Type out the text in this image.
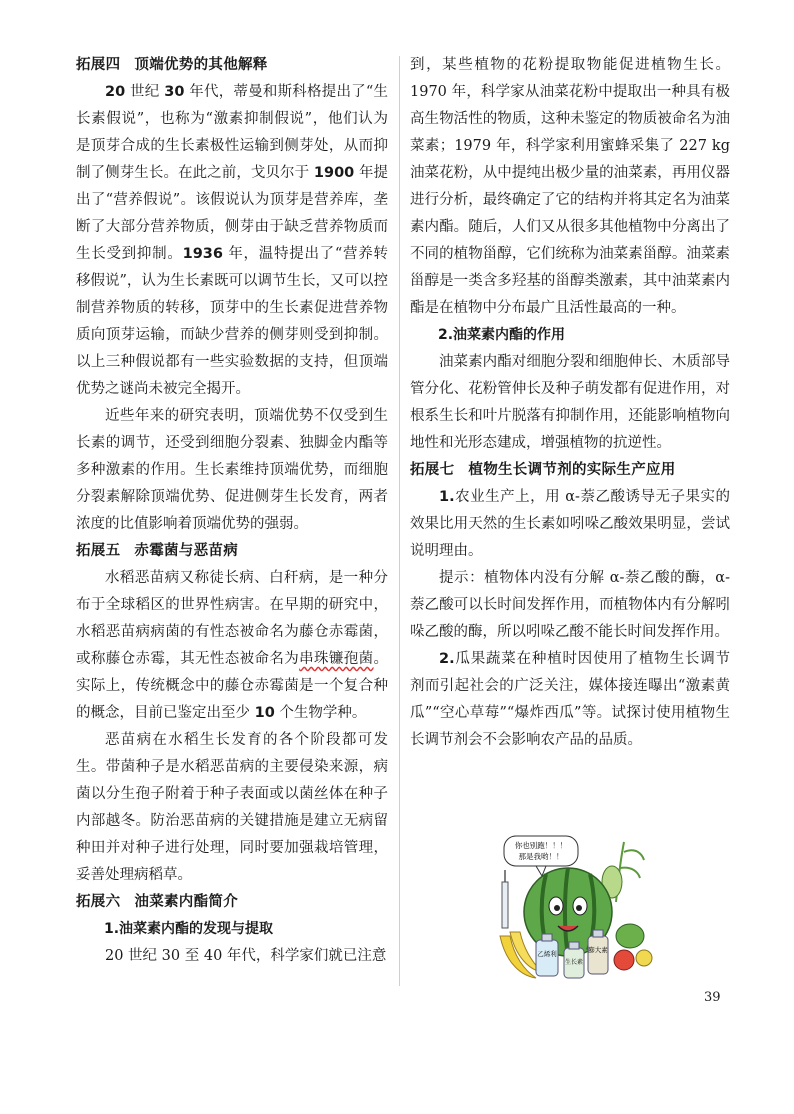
拓展四 顶端优势的其他解释

20 世纪 30 年代，蒂曼和斯科格提出了“生长素假说”，也称为“激素抑制假说”，他们认为是顶芽合成的生长素极性运输到侧芽处，从而抑制了侧芽生长。在此之前，戈贝尔于 1900 年提出了“营养假说”。该假说认为顶芽是营养库，垄断了大部分营养物质，侧芽由于缺乏营养物质而生长受到抑制。1936 年，温特提出了“营养转移假说”，认为生长素既可以调节生长，又可以控制营养物质的转移，顶芽中的生长素促进营养物质向顶芽运输，而缺少营养的侧芽则受到抑制。以上三种假说都有一些实验数据的支持，但顶端优势之谜尚未被完全揭开。

近些年来的研究表明，顶端优势不仅受到生长素的调节，还受到细胞分裂素、独脚金内酯等多种激素的作用。生长素维持顶端优势，而细胞分裂素解除顶端优势、促进侧芽生长发育，两者浓度的比值影响着顶端优势的强弱。

拓展五 赤霉菌与恶苗病

水稻恶苗病又称徒长病、白秆病，是一种分布于全球稻区的世界性病害。在早期的研究中，水稻恶苗病病菌的有性态被命名为藤仓赤霉菌，或称藤仓赤霉，其无性态被命名为串珠镰孢菌。实际上，传统概念中的藤仓赤霉菌是一个复合种的概念，目前已鉴定出至少 10 个生物学种。

恶苗病在水稻生长发育的各个阶段都可发生。带菌种子是水稻恶苗病的主要侵染来源，病菌以分生孢子附着于种子表面或以菌丝体在种子内部越冬。防治恶苗病的关键措施是建立无病留种田并对种子进行处理，同时要加强栽培管理，妥善处理病稻草。

拓展六 油菜素内酯简介
1.油菜素内酯的发现与提取

20 世纪 30 至 40 年代，科学家们就已注意

到，某些植物的花粉提取物能促进植物生长。1970 年，科学家从油菜花粉中提取出一种具有极高生物活性的物质，这种未鉴定的物质被命名为油菜素；1979 年，科学家利用蜜蜂采集了 227 kg 油菜花粉，从中提纯出极少量的油菜素，再用仪器进行分析，最终确定了它的结构并将其定名为油菜素内酯。随后，人们又从很多其他植物中分离出了不同的植物甾醇，它们统称为油菜素甾醇。油菜素甾醇是一类含多羟基的甾醇类激素，其中油菜素内酯是在植物中分布最广且活性最高的一种。

2.油菜素内酯的作用

油菜素内酯对细胞分裂和细胞伸长、木质部导管分化、花粉管伸长及种子萌发都有促进作用，对根系生长和叶片脱落有抑制作用，还能影响植物向地性和光形态建成，增强植物的抗逆性。

拓展七 植物生长调节剂的实际生产应用

1.农业生产上，用 α-萘乙酸诱导无子果实的效果比用天然的生长素如吲哚乙酸效果明显，尝试说明理由。

提示：植物体内没有分解 α-萘乙酸的酶，α-萘乙酸可以长时间发挥作用，而植物体内有分解吲哚乙酸的酶，所以吲哚乙酸不能长时间发挥作用。

2.瓜果蔬菜在种植时因使用了植物生长调节剂而引起社会的广泛关注，媒体接连曝出“激素黄瓜”“空心草莓”“爆炸西瓜”等。试探讨使用植物生长调节剂会不会影响农产品的品质。

你也别跑！！！
那是我哟！！
乙烯利	膨大素
生长素
39
